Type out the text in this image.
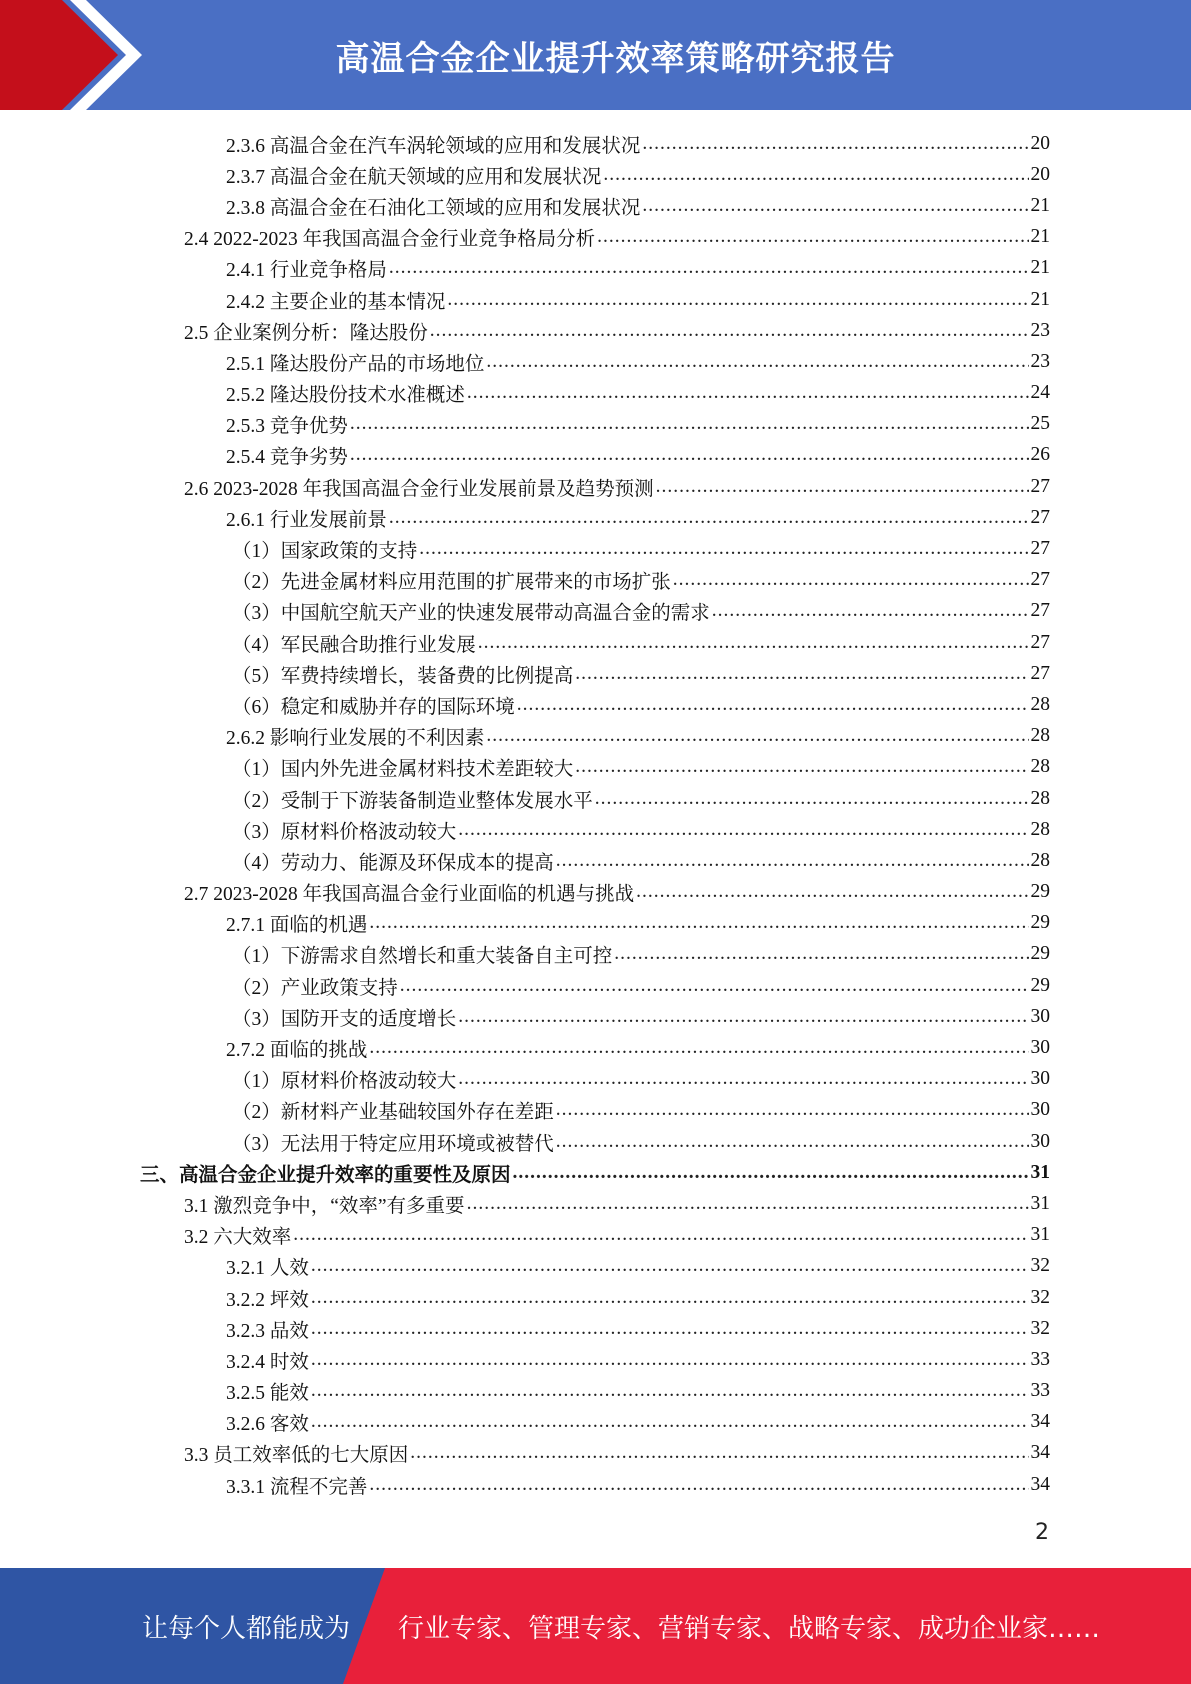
高温合金企业提升效率策略研究报告
2.3.6 高温合金在汽车涡轮领域的应用和发展状况 .....	20
2.3.7 高温合金在航天领域的应用和发展状况 .....	20
2.3.8 高温合金在石油化工领域的应用和发展状况 .....	21
2.4 2022-2023 年我国高温合金行业竞争格局分析 .....	21
2.4.1 行业竞争格局 .....	21
2.4.2 主要企业的基本情况 .....	21
2.5 企业案例分析：隆达股份 .....	23
2.5.1 隆达股份产品的市场地位 .....	23
2.5.2 隆达股份技术水准概述 .....	24
2.5.3 竞争优势 .....	25
2.5.4 竞争劣势 .....	26
2.6 2023-2028 年我国高温合金行业发展前景及趋势预测 .....	27
2.6.1 行业发展前景 .....	27
（1）国家政策的支持 .....	27
（2）先进金属材料应用范围的扩展带来的市场扩张 .....	27
（3）中国航空航天产业的快速发展带动高温合金的需求 .....	27
（4）军民融合助推行业发展 .....	27
（5）军费持续增长，装备费的比例提高 .....	27
（6）稳定和威胁并存的国际环境 .....	28
2.6.2 影响行业发展的不利因素 .....	28
（1）国内外先进金属材料技术差距较大 .....	28
（2）受制于下游装备制造业整体发展水平 .....	28
（3）原材料价格波动较大 .....	28
（4）劳动力、能源及环保成本的提高 .....	28
2.7 2023-2028 年我国高温合金行业面临的机遇与挑战 .....	29
2.7.1 面临的机遇 .....	29
（1）下游需求自然增长和重大装备自主可控 .....	29
（2）产业政策支持 .....	29
（3）国防开支的适度增长 .....	30
2.7.2 面临的挑战 .....	30
（1）原材料价格波动较大 .....	30
（2）新材料产业基础较国外存在差距 .....	30
（3）无法用于特定应用环境或被替代 .....	30
三、高温合金企业提升效率的重要性及原因 .....	31
3.1 激烈竞争中，“效率”有多重要 .....	31
3.2 六大效率 .....	31
3.2.1 人效 .....	32
3.2.2 坪效 .....	32
3.2.3 品效 .....	32
3.2.4 时效 .....	33
3.2.5 能效 .....	33
3.2.6 客效 .....	34
3.3 员工效率低的七大原因 .....	34
3.3.1 流程不完善 .....	34
2
让每个人都能成为 行业专家、管理专家、营销专家、战略专家、成功企业家……
